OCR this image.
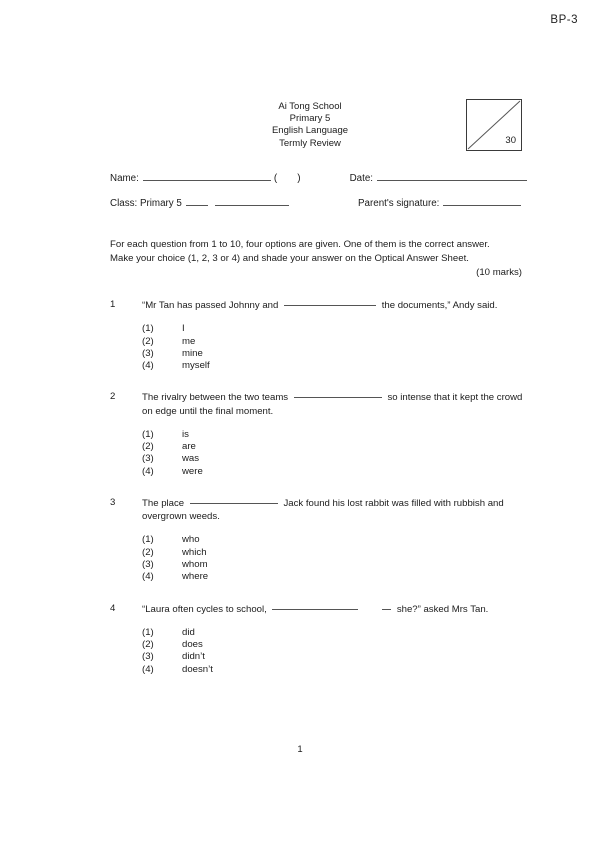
BP-3
Ai Tong School
Primary 5
English Language
Termly Review	30
Name:	( )	Date:
Class: Primary 5	Parent's signature:
For each question from 1 to 10, four options are given. One of them is the correct answer.
Make your choice (1, 2, 3 or 4) and shade your answer on the Optical Answer Sheet.
(10 marks)
1	“Mr Tan has passed Johnny and	the documents,” Andy said.
(1)	I
(2)	me
(3)	mine
(4)	myself
2	The rivalry between the two teams	so intense that it kept the crowd on edge until the final moment.
(1)	is
(2)	are
(3)	was
(4)	were
3	The place	Jack found his lost rabbit was filled with rubbish and overgrown weeds.
(1)	who
(2)	which
(3)	whom
(4)	where
4	“Laura often cycles to school,	she?” asked Mrs Tan.
(1)	did
(2)	does
(3)	didn’t
(4)	doesn’t
1
